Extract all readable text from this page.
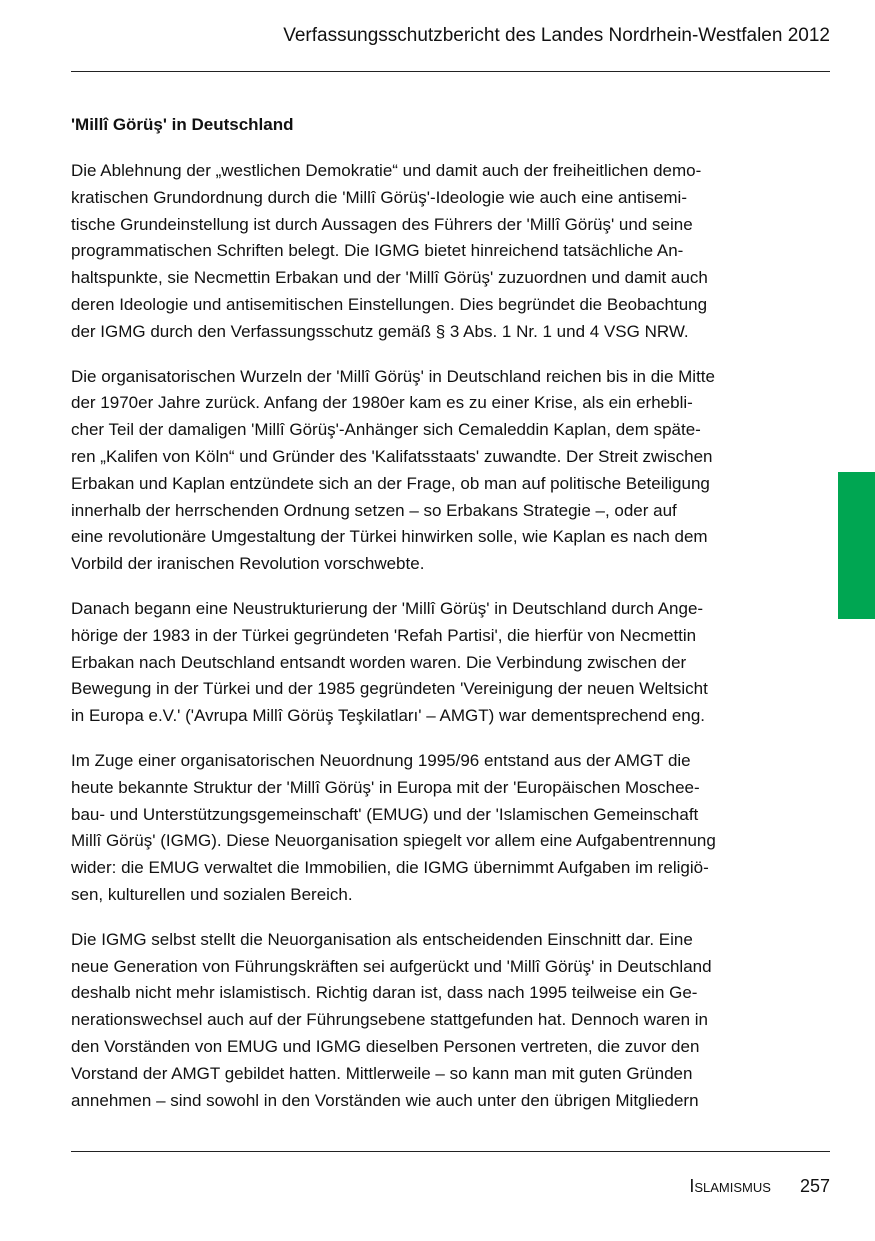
Verfassungsschutzbericht des Landes Nordrhein-Westfalen 2012
'Millî Görüş' in Deutschland
Die Ablehnung der „westlichen Demokratie“ und damit auch der freiheitlichen demo-
kratischen Grundordnung durch die 'Millî Görüş'-Ideologie wie auch eine antisemi-
tische Grundeinstellung ist durch Aussagen des Führers der 'Millî Görüş' und seine
programmatischen Schriften belegt. Die IGMG bietet hinreichend tatsächliche An-
haltspunkte, sie Necmettin Erbakan und der 'Millî Görüş' zuzuordnen und damit auch
deren Ideologie und antisemitischen Einstellungen. Dies begründet die Beobachtung
der IGMG durch den Verfassungsschutz gemäß § 3 Abs. 1 Nr. 1 und 4 VSG NRW.
Die organisatorischen Wurzeln der 'Millî Görüş' in Deutschland reichen bis in die Mitte
der 1970er Jahre zurück. Anfang der 1980er kam es zu einer Krise, als ein erhebli-
cher Teil der damaligen 'Millî Görüş'-Anhänger sich Cemaleddin Kaplan, dem späte-
ren „Kalifen von Köln“ und Gründer des 'Kalifatsstaats' zuwandte. Der Streit zwischen
Erbakan und Kaplan entzündete sich an der Frage, ob man auf politische Beteiligung
innerhalb der herrschenden Ordnung setzen – so Erbakans Strategie –, oder auf
eine revolutionäre Umgestaltung der Türkei hinwirken solle, wie Kaplan es nach dem
Vorbild der iranischen Revolution vorschwebte.
Danach begann eine Neustrukturierung der 'Millî Görüş' in Deutschland durch Ange-
hörige der 1983 in der Türkei gegründeten 'Refah Partisi', die hierfür von Necmettin
Erbakan nach Deutschland entsandt worden waren. Die Verbindung zwischen der
Bewegung in der Türkei und der 1985 gegründeten 'Vereinigung der neuen Weltsicht
in Europa e.V.' ('Avrupa Millî Görüş Teşkilatları' – AMGT) war dementsprechend eng.
Im Zuge einer organisatorischen Neuordnung 1995/96 entstand aus der AMGT die
heute bekannte Struktur der 'Millî Görüş' in Europa mit der 'Europäischen Moschee-
bau- und Unterstützungsgemeinschaft' (EMUG) und der 'Islamischen Gemeinschaft
Millî Görüş' (IGMG). Diese Neuorganisation spiegelt vor allem eine Aufgabentrennung
wider: die EMUG verwaltet die Immobilien, die IGMG übernimmt Aufgaben im religiö-
sen, kulturellen und sozialen Bereich.
Die IGMG selbst stellt die Neuorganisation als entscheidenden Einschnitt dar. Eine
neue Generation von Führungskräften sei aufgerückt und 'Millî Görüş' in Deutschland
deshalb nicht mehr islamistisch. Richtig daran ist, dass nach 1995 teilweise ein Ge-
nerationswechsel auch auf der Führungsebene stattgefunden hat. Dennoch waren in
den Vorständen von EMUG und IGMG dieselben Personen vertreten, die zuvor den
Vorstand der AMGT gebildet hatten. Mittlerweile – so kann man mit guten Gründen
annehmen – sind sowohl in den Vorständen wie auch unter den übrigen Mitgliedern
Islamismus 257
